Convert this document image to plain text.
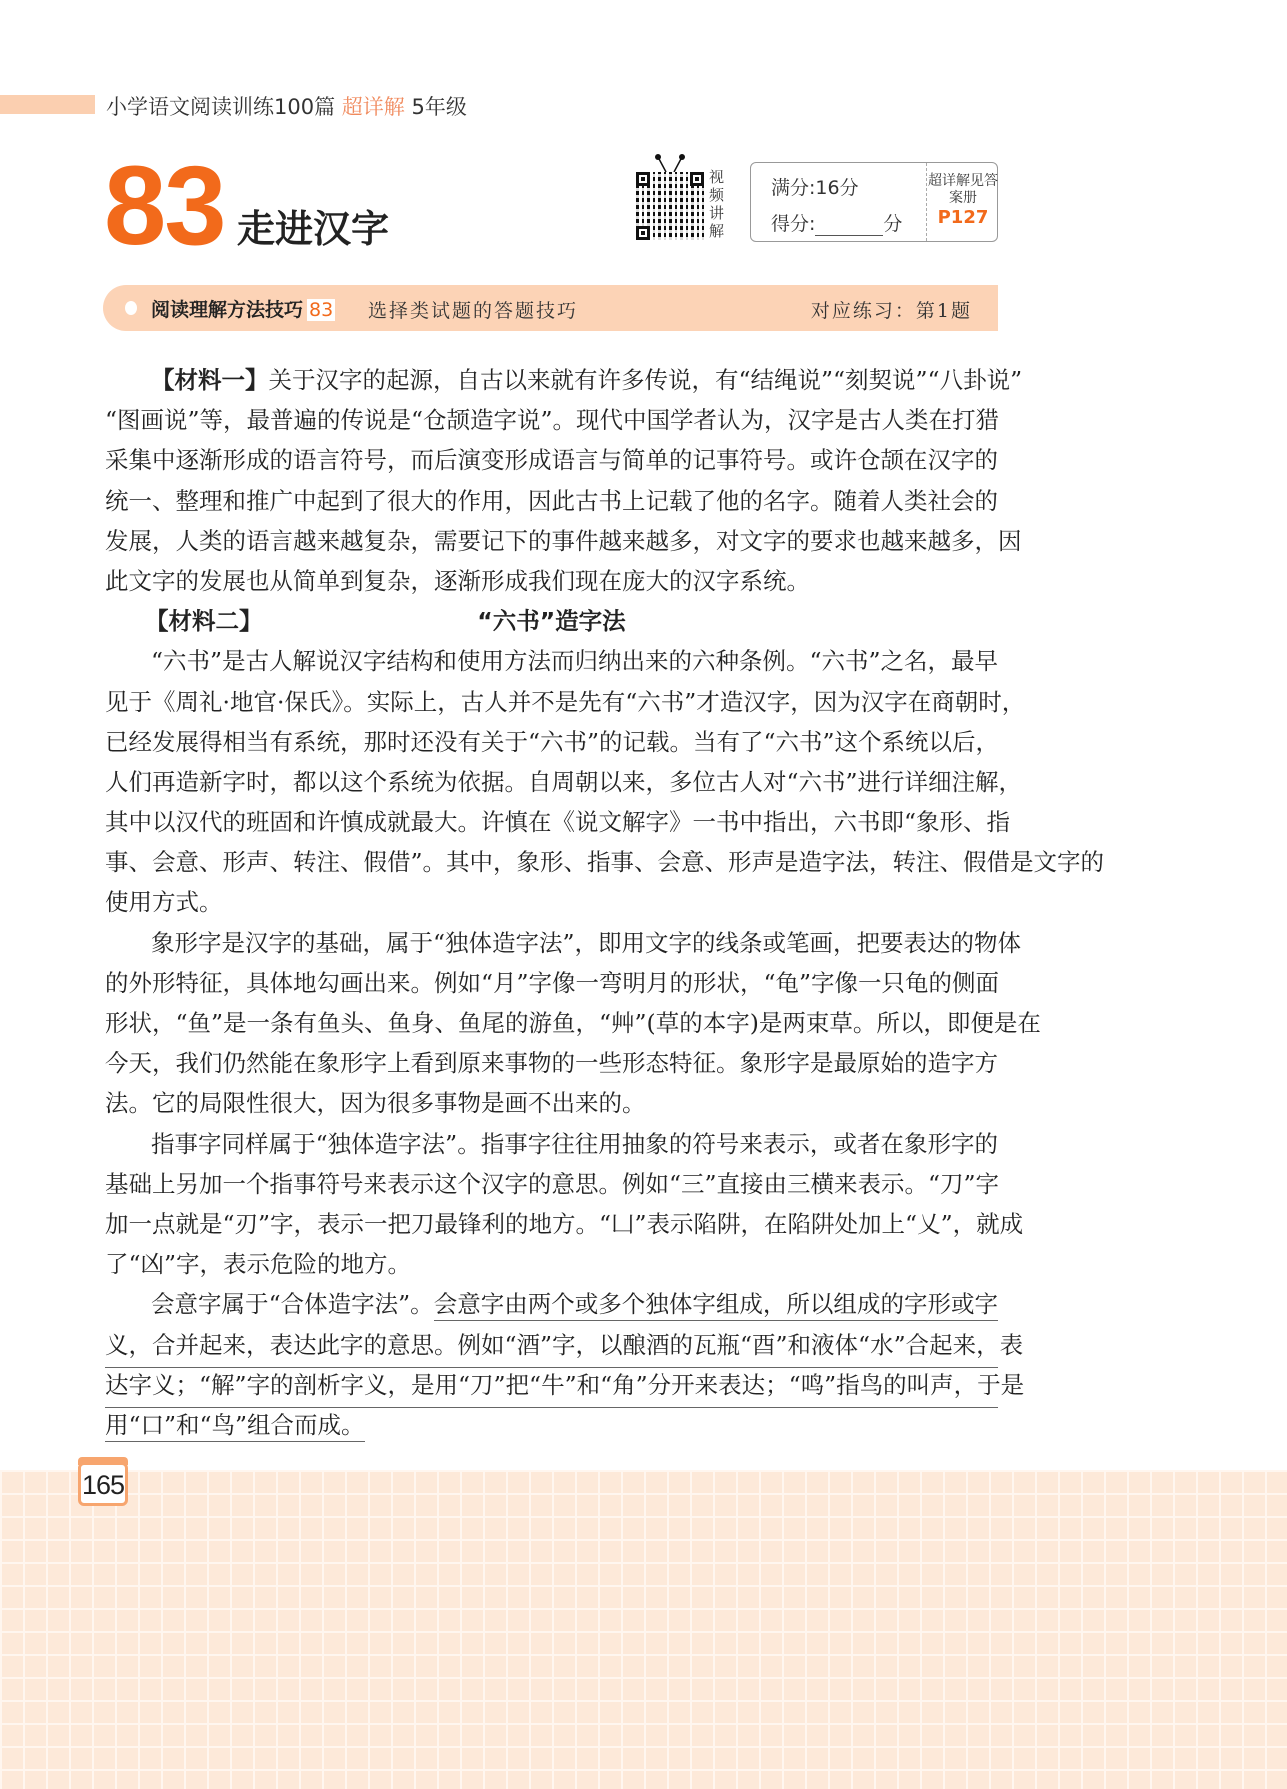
小学语文阅读训练100篇 超详解 5年级
83 走进汉字
视频讲解
满分:16分
得分:	分
超详解见答案册
P127
阅读理解方法技巧 83	选择类试题的答题技巧	对应练习：第1题
【材料一】关于汉字的起源，自古以来就有许多传说，有“结绳说”“刻契说”“八卦说”
“图画说”等，最普遍的传说是“仓颉造字说”。现代中国学者认为，汉字是古人类在打猎
采集中逐渐形成的语言符号，而后演变形成语言与简单的记事符号。或许仓颉在汉字的
统一、整理和推广中起到了很大的作用，因此古书上记载了他的名字。随着人类社会的
发展，人类的语言越来越复杂，需要记下的事件越来越多，对文字的要求也越来越多，因
此文字的发展也从简单到复杂，逐渐形成我们现在庞大的汉字系统。
【材料二】	“六书”造字法
“六书”是古人解说汉字结构和使用方法而归纳出来的六种条例。“六书”之名，最早
见于《周礼·地官·保氏》。实际上，古人并不是先有“六书”才造汉字，因为汉字在商朝时，
已经发展得相当有系统，那时还没有关于“六书”的记载。当有了“六书”这个系统以后，
人们再造新字时，都以这个系统为依据。自周朝以来，多位古人对“六书”进行详细注解，
其中以汉代的班固和许慎成就最大。许慎在《说文解字》一书中指出，六书即“象形、指
事、会意、形声、转注、假借”。其中，象形、指事、会意、形声是造字法，转注、假借是文字的
使用方式。
象形字是汉字的基础，属于“独体造字法”，即用文字的线条或笔画，把要表达的物体
的外形特征，具体地勾画出来。例如“月”字像一弯明月的形状，“龟”字像一只龟的侧面
形状，“鱼”是一条有鱼头、鱼身、鱼尾的游鱼，“艸”(草的本字)是两束草。所以，即便是在
今天，我们仍然能在象形字上看到原来事物的一些形态特征。象形字是最原始的造字方
法。它的局限性很大，因为很多事物是画不出来的。
指事字同样属于“独体造字法”。指事字往往用抽象的符号来表示，或者在象形字的
基础上另加一个指事符号来表示这个汉字的意思。例如“三”直接由三横来表示。“刀”字
加一点就是“刃”字，表示一把刀最锋利的地方。“凵”表示陷阱，在陷阱处加上“乂”，就成
了“凶”字，表示危险的地方。
会意字属于“合体造字法”。会意字由两个或多个独体字组成，所以组成的字形或字
义，合并起来，表达此字的意思。例如“酒”字，以酿酒的瓦瓶“酉”和液体“水”合起来，表
达字义；“解”字的剖析字义，是用“刀”把“牛”和“角”分开来表达；“鸣”指鸟的叫声，于是
用“口”和“鸟”组合而成。
165
